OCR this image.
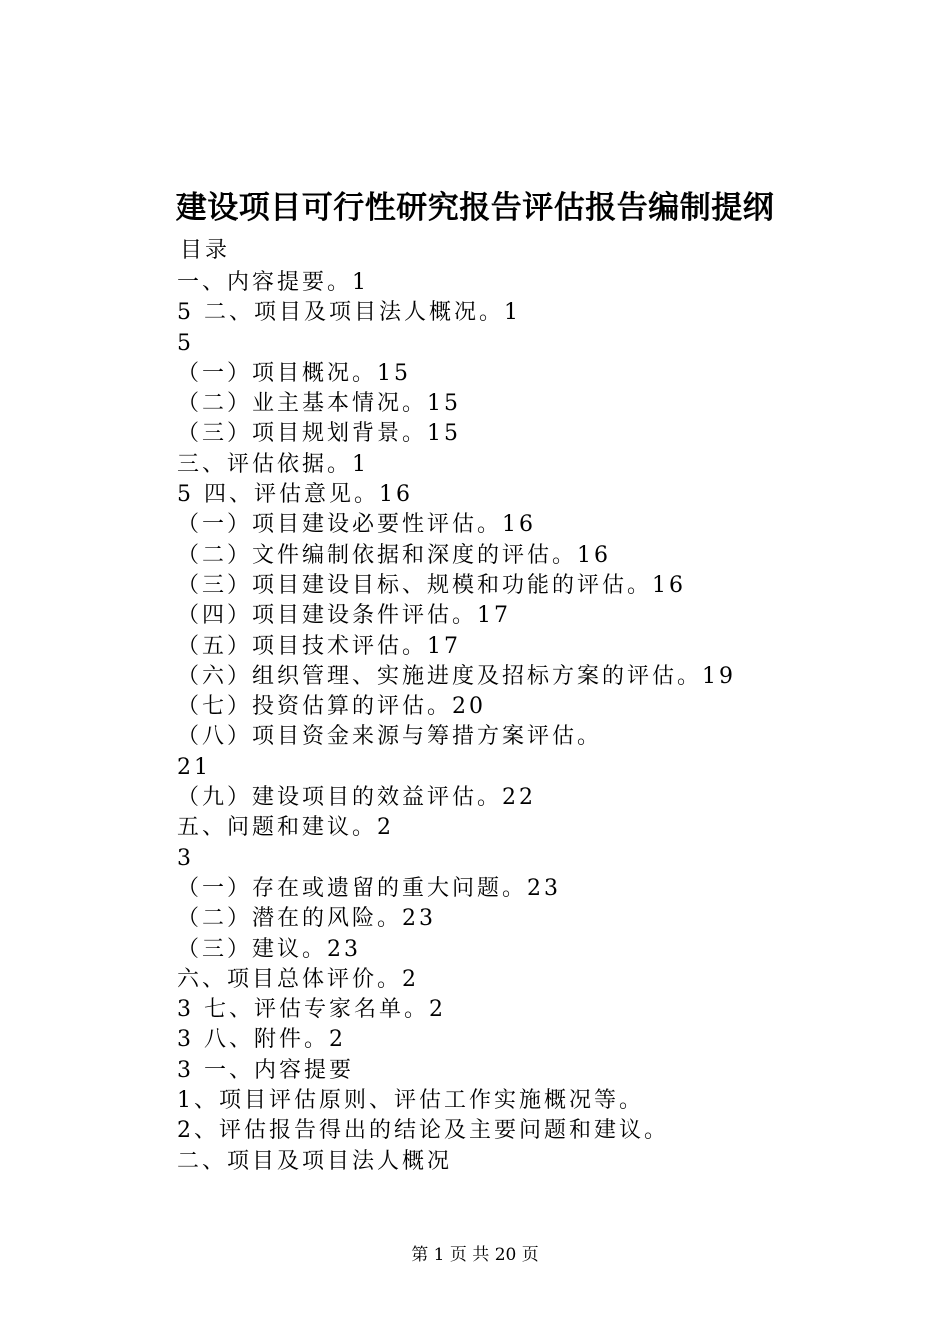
建设项目可行性研究报告评估报告编制提纲
目录
一、内容提要。1
5 二、项目及项目法人概况。1
5
（一）项目概况。15
（二）业主基本情况。15
（三）项目规划背景。15
三、评估依据。1
5 四、评估意见。16
（一）项目建设必要性评估。16
（二）文件编制依据和深度的评估。16
（三）项目建设目标、规模和功能的评估。16
（四）项目建设条件评估。17
（五）项目技术评估。17
（六）组织管理、实施进度及招标方案的评估。19
（七）投资估算的评估。20
（八）项目资金来源与筹措方案评估。
21
（九）建设项目的效益评估。22
五、问题和建议。2
3
（一）存在或遗留的重大问题。23
（二）潜在的风险。23
（三）建议。23
六、项目总体评价。2
3 七、评估专家名单。2
3 八、附件。2
3 一、内容提要
1、项目评估原则、评估工作实施概况等。
2、评估报告得出的结论及主要问题和建议。
二、项目及项目法人概况
第 1 页 共 20 页
